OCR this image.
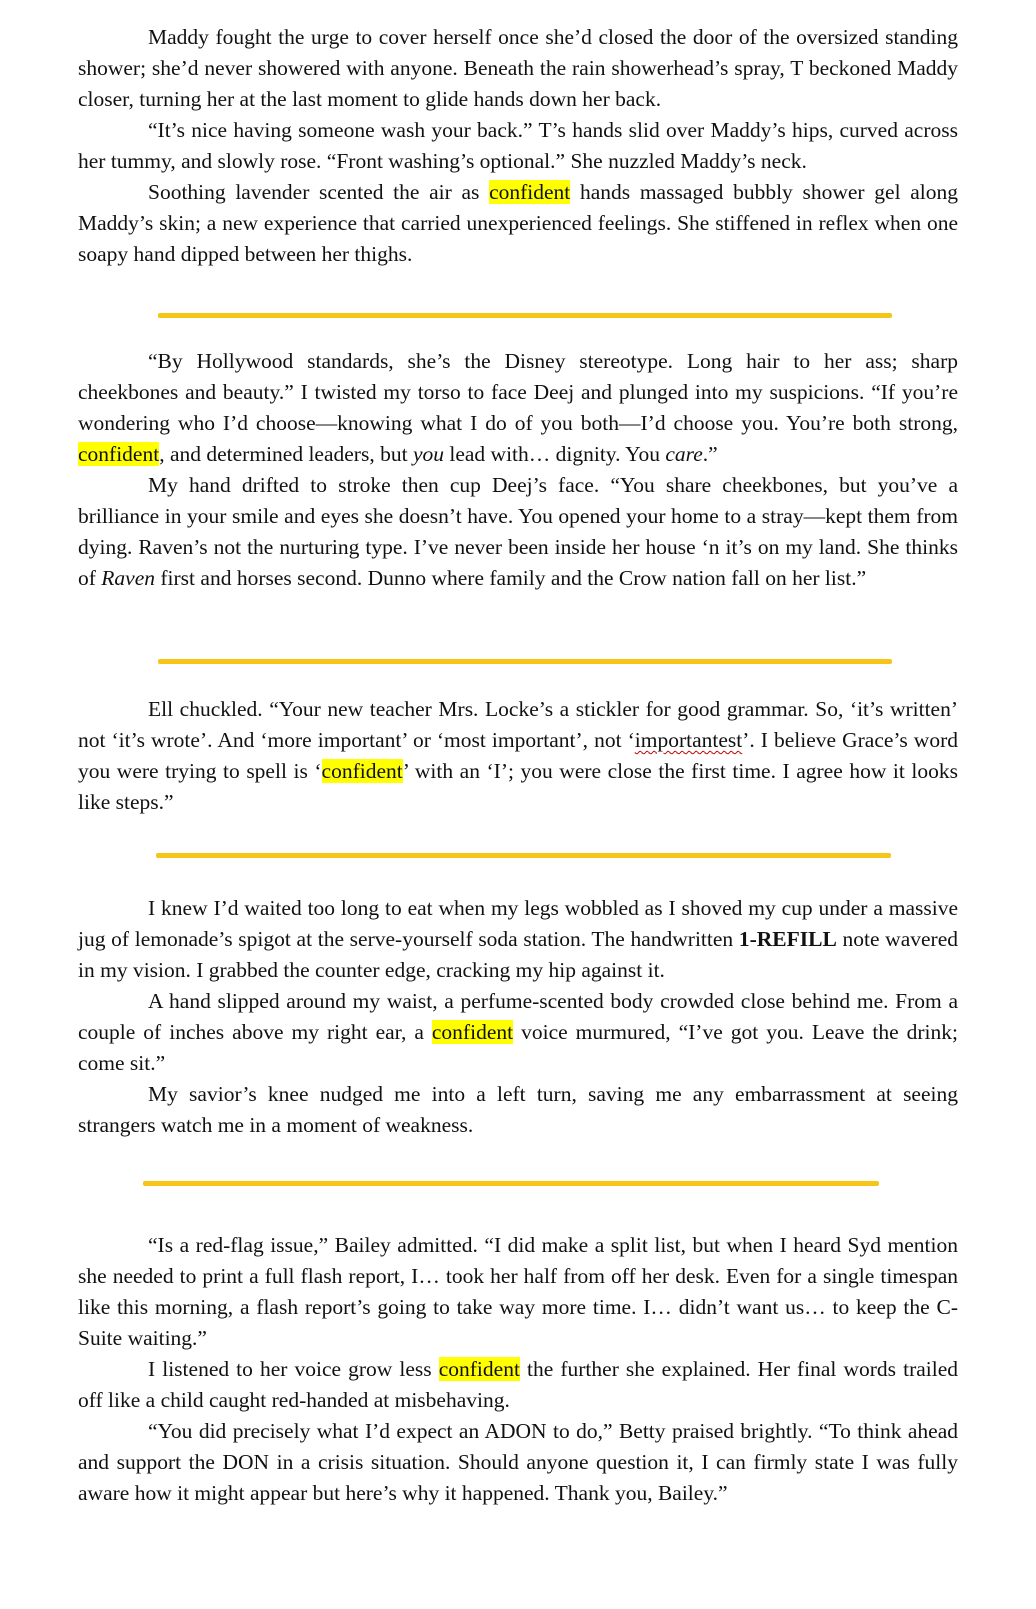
Maddy fought the urge to cover herself once she’d closed the door of the oversized standing shower; she’d never showered with anyone. Beneath the rain showerhead’s spray, T beckoned Maddy closer, turning her at the last moment to glide hands down her back.

“It’s nice having someone wash your back.” T’s hands slid over Maddy’s hips, curved across her tummy, and slowly rose. “Front washing’s optional.” She nuzzled Maddy’s neck.

Soothing lavender scented the air as confident hands massaged bubbly shower gel along Maddy’s skin; a new experience that carried unexperienced feelings. She stiffened in reflex when one soapy hand dipped between her thighs.

“By Hollywood standards, she’s the Disney stereotype. Long hair to her ass; sharp cheekbones and beauty.” I twisted my torso to face Deej and plunged into my suspicions. “If you’re wondering who I’d choose—knowing what I do of you both—I’d choose you. You’re both strong, confident, and determined leaders, but you lead with… dignity. You care.”

My hand drifted to stroke then cup Deej’s face. “You share cheekbones, but you’ve a brilliance in your smile and eyes she doesn’t have. You opened your home to a stray—kept them from dying. Raven’s not the nurturing type. I’ve never been inside her house ‘n it’s on my land. She thinks of Raven first and horses second. Dunno where family and the Crow nation fall on her list.”

Ell chuckled. “Your new teacher Mrs. Locke’s a stickler for good grammar. So, ‘it’s written’ not ‘it’s wrote’. And ‘more important’ or ‘most important’, not ‘importantest’. I believe Grace’s word you were trying to spell is ‘confident’ with an ‘I’; you were close the first time. I agree how it looks like steps.”

I knew I’d waited too long to eat when my legs wobbled as I shoved my cup under a massive jug of lemonade’s spigot at the serve-yourself soda station. The handwritten 1-REFILL note wavered in my vision. I grabbed the counter edge, cracking my hip against it.

A hand slipped around my waist, a perfume-scented body crowded close behind me. From a couple of inches above my right ear, a confident voice murmured, “I’ve got you. Leave the drink; come sit.”

My savior’s knee nudged me into a left turn, saving me any embarrassment at seeing strangers watch me in a moment of weakness.

“Is a red-flag issue,” Bailey admitted. “I did make a split list, but when I heard Syd mention she needed to print a full flash report, I… took her half from off her desk. Even for a single timespan like this morning, a flash report’s going to take way more time. I… didn’t want us… to keep the C-Suite waiting.”

I listened to her voice grow less confident the further she explained. Her final words trailed off like a child caught red-handed at misbehaving.

“You did precisely what I’d expect an ADON to do,” Betty praised brightly. “To think ahead and support the DON in a crisis situation. Should anyone question it, I can firmly state I was fully aware how it might appear but here’s why it happened. Thank you, Bailey.”
